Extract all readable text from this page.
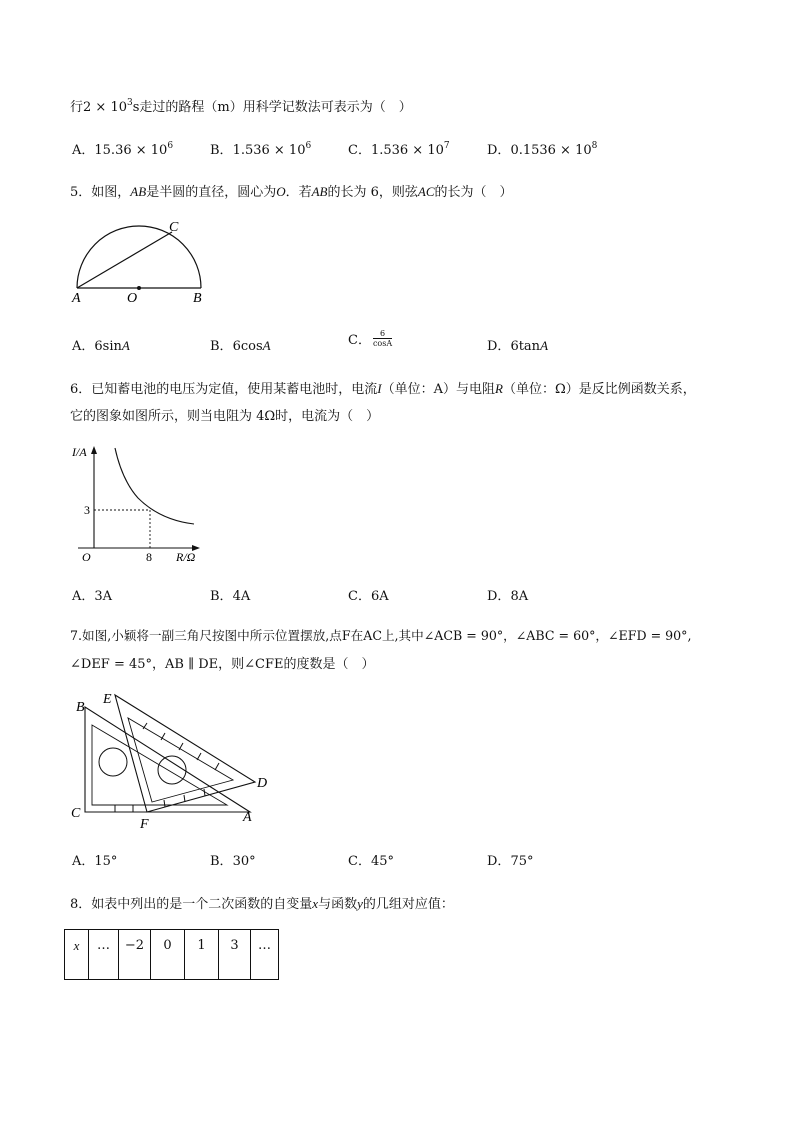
行$2 \times 10^3s$走过的路程（m）用科学记数法可表示为（　）
A．$15.36 \times 10^6$	B．$1.536 \times 10^6$	C．$1.536 \times 10^7$	D．$0.1536 \times 10^8$
5．如图，AB是半圆的直径，圆心为O．若AB的长为 6，则弦AC的长为（　）
A	O	B
C
A．6sinA	B．6cosA	C． $\frac{6}{\cos A}$	D．6tanA
6．已知蓄电池的电压为定值，使用某蓄电池时，电流I（单位：A）与电阻R（单位：Ω）是反比例函数关系，
它的图象如图所示，则当电阻为 4Ω时，电流为（　）
I/A
R/Ω
O
3
8
A．3A	B．4A	C．6A	D．8A
7.如图,小颖将一副三角尺按图中所示位置摆放,点F在AC上,其中∠ACB = 90°，∠ABC = 60°，∠EFD = 90°,
∠DEF = 45°，AB ∥ DE，则∠CFE的度数是（　）
B
E
C
F	A
D
A．15°	B．30°	C．45°	D．75°
8．如表中列出的是一个二次函数的自变量x与函数y的几组对应值：
x	…	−2	0	1	3	…
